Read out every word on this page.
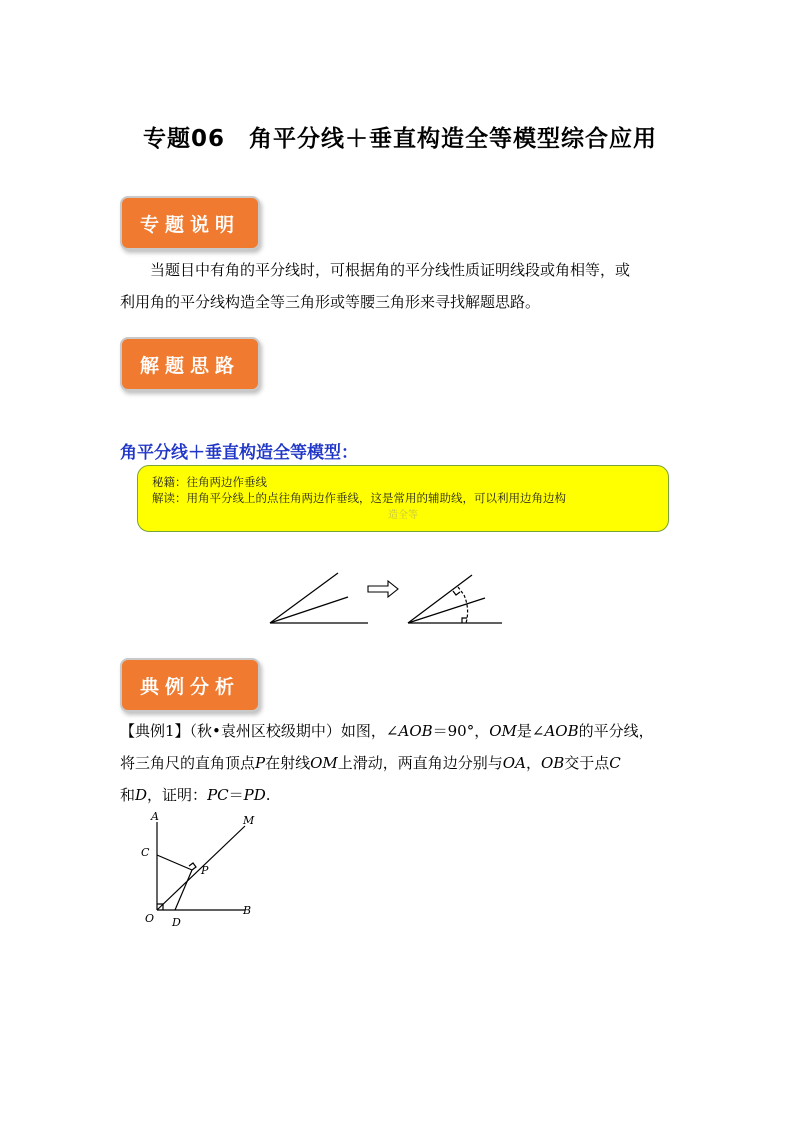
专题06　角平分线＋垂直构造全等模型综合应用
专题说明
当题目中有角的平分线时，可根据角的平分线性质证明线段或角相等，或
利用角的平分线构造全等三角形或等腰三角形来寻找解题思路。
解题思路
角平分线＋垂直构造全等模型：
秘籍：往角两边作垂线
解读：用角平分线上的点往角两边作垂线，这是常用的辅助线，可以利用边角边构
造全等
典例分析
【典例1】（秋•袁州区校级期中）如图，∠AOB＝90°，OM是∠AOB的平分线，
将三角尺的直角顶点P在射线OM上滑动，两直角边分别与OA，OB交于点C
和D，证明：PC＝PD.
A	M
C
P
O D
B
